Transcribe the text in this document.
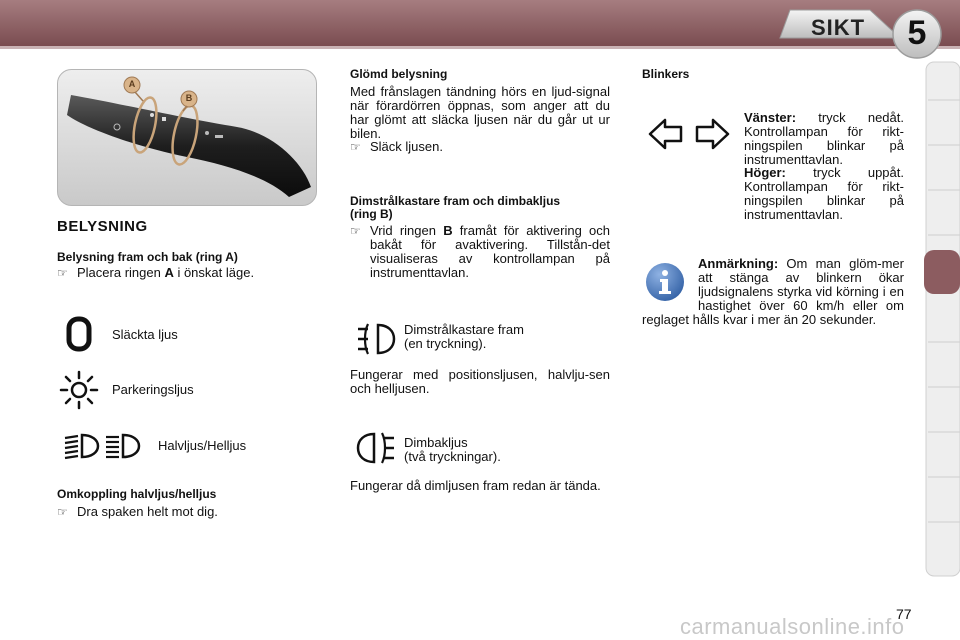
SIKT	5
A
B
BELYSNING
Belysning fram och bak (ring A)
☞ Placera ringen A i önskat läge.
Släckta ljus
Parkeringsljus
Halvljus/Helljus
Omkoppling halvljus/helljus
☞ Dra spaken helt mot dig.
Glömd belysning
Med frånslagen tändning hörs en ljud-signal när förardörren öppnas, som anger att du har glömt att släcka ljusen när du går ut ur bilen.
☞ Släck ljusen.
Dimstrålkastare fram och dimbakljus (ring B)
☞ Vrid ringen B framåt för aktivering och bakåt för avaktivering. Tillstån-det visualiseras av kontrollampan på instrumenttavlan.
Dimstrålkastare fram
(en tryckning).
Fungerar med positionsljusen, halvlju-sen och helljusen.
Dimbakljus
(två tryckningar).
Fungerar då dimljusen fram redan är tända.
Blinkers
Vänster: tryck nedåt. Kontrollampan för rikt-ningspilen blinkar på instrumenttavlan.
Höger: tryck uppåt. Kontrollampan för rikt-ningspilen blinkar på instrumenttavlan.
Anmärkning: Om man glöm-mer att stänga av blinkern ökar ljudsignalens styrka vid körning i en hastighet över 60 km/h eller om reglaget hålls kvar i mer än 20 sekunder.
77
carmanualsonline.info
